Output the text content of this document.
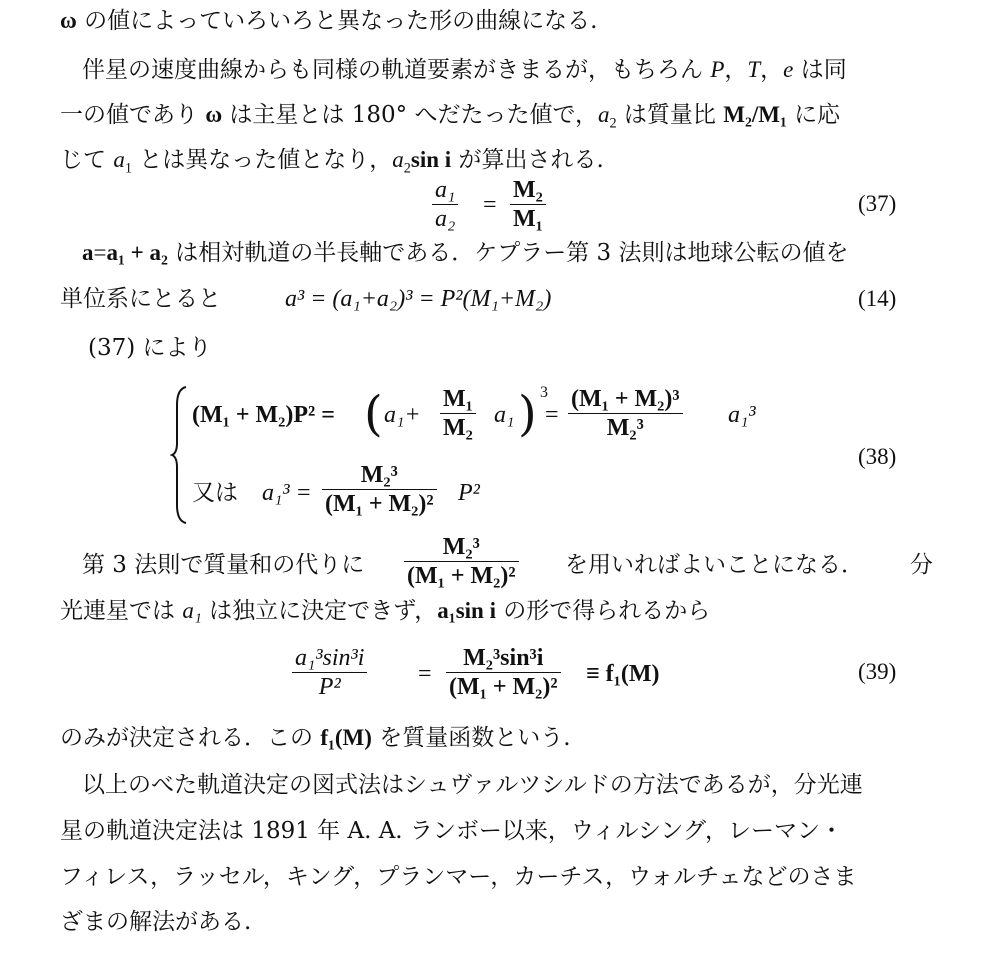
ω の値によっていろいろと異なった形の曲線になる.
伴星の速度曲線からも同様の軌道要素がきまるが，もちろん P，T，e は同
一の値であり ω は主星とは 180° へだたった値で，$a_2$ は質量比 M₂/M₁ に応
じて $a_1$ とは異なった値となり，$a_2\sin$ i が算出される.
$\frac{\text{a₁}}{\text{a₂}} = \frac{\text{M₂}}{\text{M₁}}$	(37)
a=a₁ + a₂ は相対軌道の半長軸である．ケプラー第 3 法則は地球公転の値を
単位系にとると	a³ = (a₁+a₂)³ = P²(M₁+M₂)	(14)
(37) により
(M₁ + M₂)P² = ( $a_1+ \frac{\text{M₁}}{\text{M₂}} a_1$ ) 3
= $\frac{\text{(M₁ + M₂)³}}{\text{M₂³}} a_1^3$
又は $a_1^3 = \frac{\text{M₂³}}{\text{(M₁ + M₂)²}} P^2$
(38)
第 3 法則で質量和の代りに $\frac{\text{M₂³}}{\text{(M₁ + M₂)²}}$ を用いればよいことになる． 分
光連星では a₁ は独立に決定できず，a₁sin i の形で得られるから
$\frac{\text{a₁³sin³i}}{\text{P²}} = \frac{\text{M₂³sin³i}}{\text{(M₁ + M₂)²}} \equiv f_1(M)$	(39)
のみが決定される．この f₁(M) を質量函数という.
以上のべた軌道決定の図式法はシュヴァルツシルドの方法であるが，分光連
星の軌道決定法は 1891 年 A. A. ランボー以来，ウィルシング，レーマン・
フィレス，ラッセル，キング，プランマー，カーチス，ウォルチェなどのさま
ざまの解法がある.
